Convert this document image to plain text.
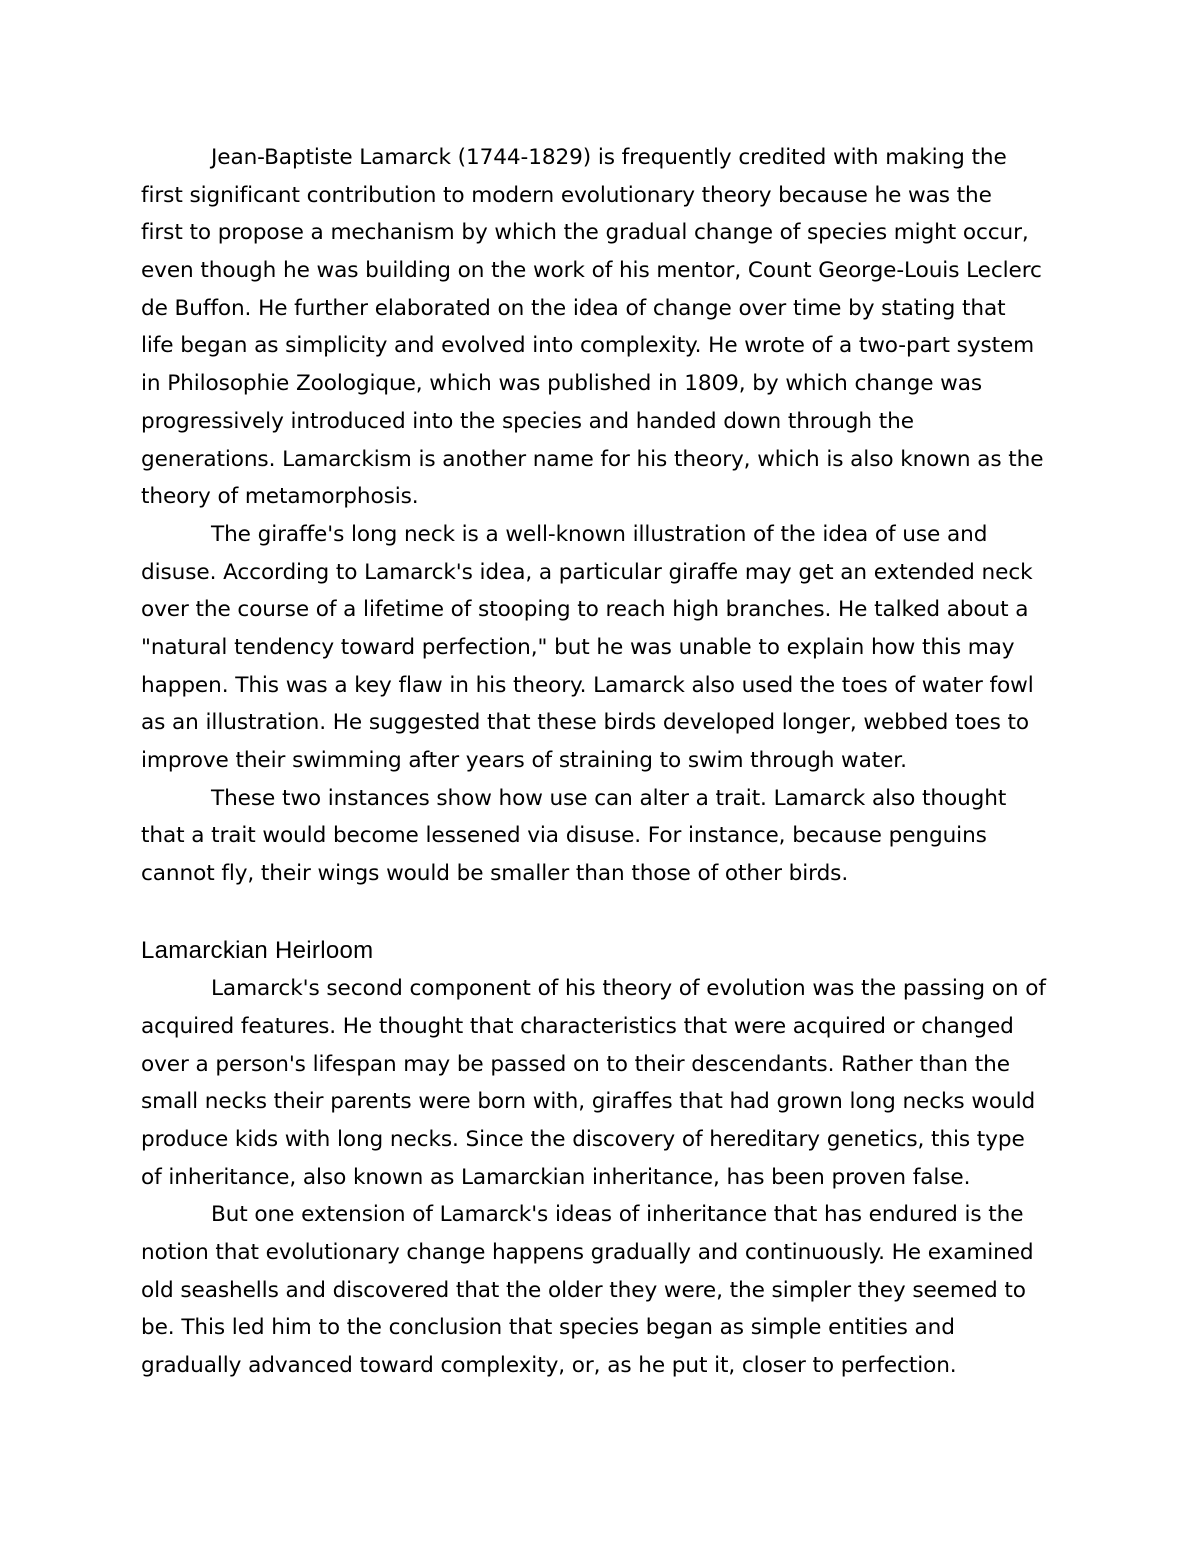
Jean-Baptiste Lamarck (1744-1829) is frequently credited with making the
first significant contribution to modern evolutionary theory because he was the
first to propose a mechanism by which the gradual change of species might occur,
even though he was building on the work of his mentor, Count George-Louis Leclerc
de Buffon. He further elaborated on the idea of change over time by stating that
life began as simplicity and evolved into complexity. He wrote of a two-part system
in Philosophie Zoologique, which was published in 1809, by which change was
progressively introduced into the species and handed down through the
generations. Lamarckism is another name for his theory, which is also known as the
theory of metamorphosis.
The giraffe's long neck is a well-known illustration of the idea of use and
disuse. According to Lamarck's idea, a particular giraffe may get an extended neck
over the course of a lifetime of stooping to reach high branches. He talked about a
"natural tendency toward perfection," but he was unable to explain how this may
happen. This was a key flaw in his theory. Lamarck also used the toes of water fowl
as an illustration. He suggested that these birds developed longer, webbed toes to
improve their swimming after years of straining to swim through water.
These two instances show how use can alter a trait. Lamarck also thought
that a trait would become lessened via disuse. For instance, because penguins
cannot fly, their wings would be smaller than those of other birds.
Lamarckian Heirloom
Lamarck's second component of his theory of evolution was the passing on of
acquired features. He thought that characteristics that were acquired or changed
over a person's lifespan may be passed on to their descendants. Rather than the
small necks their parents were born with, giraffes that had grown long necks would
produce kids with long necks. Since the discovery of hereditary genetics, this type
of inheritance, also known as Lamarckian inheritance, has been proven false.
But one extension of Lamarck's ideas of inheritance that has endured is the
notion that evolutionary change happens gradually and continuously. He examined
old seashells and discovered that the older they were, the simpler they seemed to
be. This led him to the conclusion that species began as simple entities and
gradually advanced toward complexity, or, as he put it, closer to perfection.
